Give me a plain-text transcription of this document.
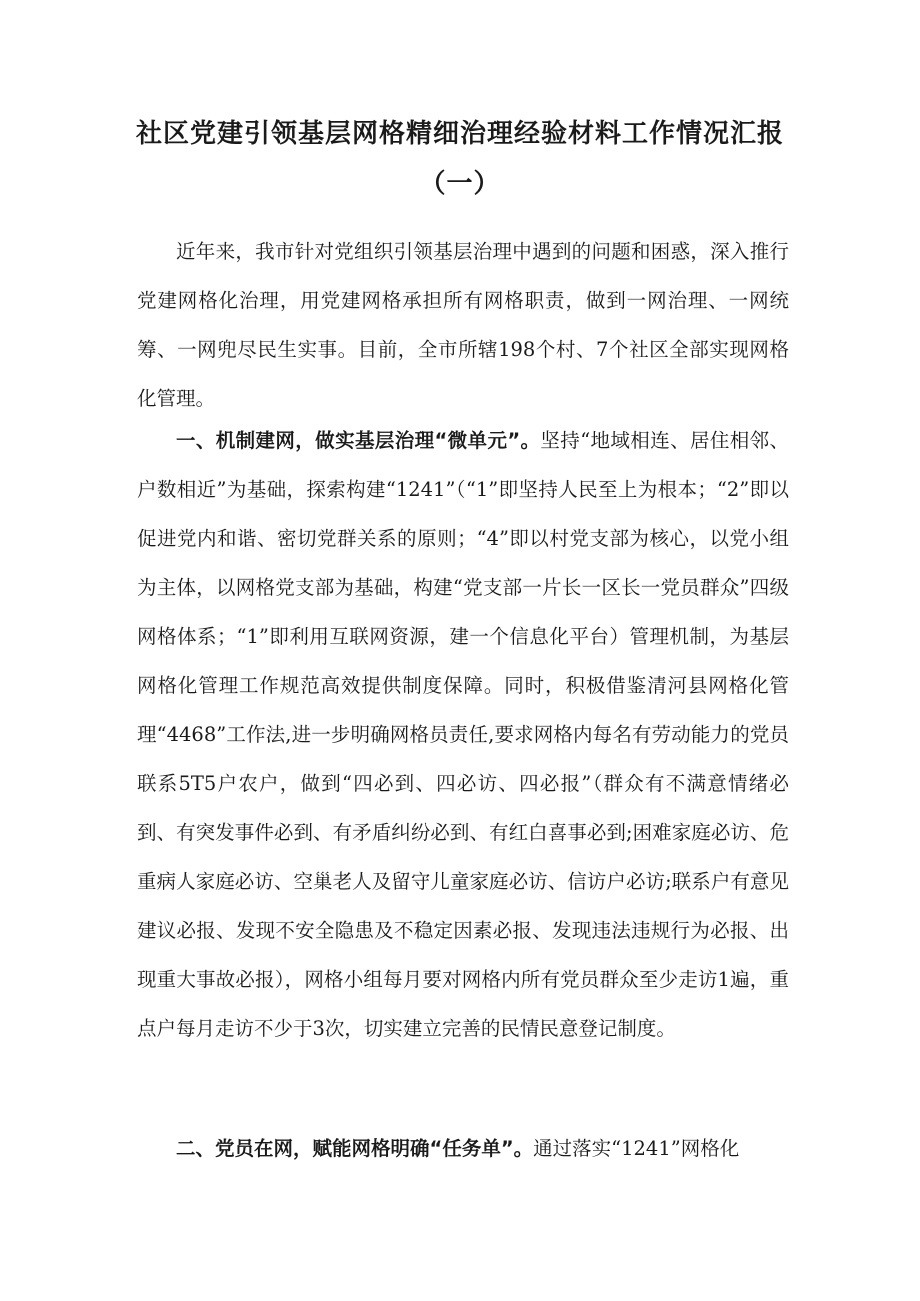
社区党建引领基层网格精细治理经验材料工作情况汇报
（一）

近年来，我市针对党组织引领基层治理中遇到的问题和困惑，深入推行党建网格化治理，用党建网格承担所有网格职责，做到一网治理、一网统筹、一网兜尽民生实事。目前，全市所辖198个村、7个社区全部实现网格化管理。

一、机制建网，做实基层治理“微单元”。坚持“地域相连、居住相邻、户数相近”为基础，探索构建“1241”（“1”即坚持人民至上为根本；“2”即以促进党内和谐、密切党群关系的原则；“4”即以村党支部为核心，以党小组为主体，以网格党支部为基础，构建“党支部一片长一区长一党员群众”四级网格体系；“1”即利用互联网资源，建一个信息化平台）管理机制，为基层网格化管理工作规范高效提供制度保障。同时，积极借鉴清河县网格化管理“4468”工作法,进一步明确网格员责任,要求网格内每名有劳动能力的党员联系5T5户农户，做到“四必到、四必访、四必报”（群众有不满意情绪必到、有突发事件必到、有矛盾纠纷必到、有红白喜事必到;困难家庭必访、危重病人家庭必访、空巢老人及留守儿童家庭必访、信访户必访;联系户有意见建议必报、发现不安全隐患及不稳定因素必报、发现违法违规行为必报、出现重大事故必报），网格小组每月要对网格内所有党员群众至少走访1遍，重点户每月走访不少于3次，切实建立完善的民情民意登记制度。

二、党员在网，赋能网格明确“任务单”。通过落实“1241”网格化
